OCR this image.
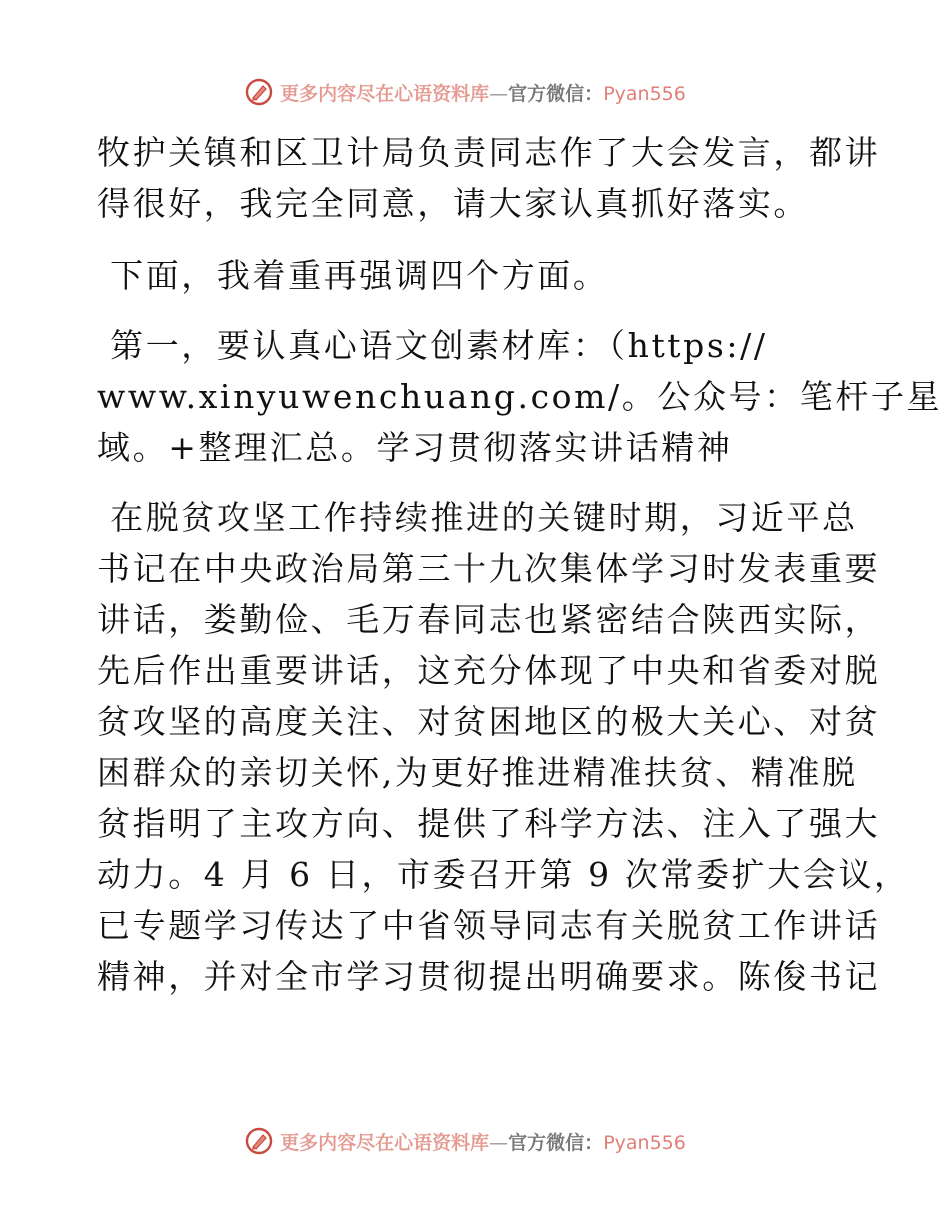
更多内容尽在心语资料库—官方微信：Pyan556

牧护关镇和区卫计局负责同志作了大会发言，都讲
得很好，我完全同意，请大家认真抓好落实。

下面，我着重再强调四个方面。

第一，要认真心语文创素材库：（https://
www.xinyuwenchuang.com/。公众号：笔杆子星
域。+整理汇总。学习贯彻落实讲话精神

在脱贫攻坚工作持续推进的关键时期，习近平总
书记在中央政治局第三十九次集体学习时发表重要
讲话，娄勤俭、毛万春同志也紧密结合陕西实际，
先后作出重要讲话，这充分体现了中央和省委对脱
贫攻坚的高度关注、对贫困地区的极大关心、对贫
困群众的亲切关怀,为更好推进精准扶贫、精准脱
贫指明了主攻方向、提供了科学方法、注入了强大
动力。4 月 6 日，市委召开第 9 次常委扩大会议，
已专题学习传达了中省领导同志有关脱贫工作讲话
精神，并对全市学习贯彻提出明确要求。陈俊书记

更多内容尽在心语资料库—官方微信：Pyan556
